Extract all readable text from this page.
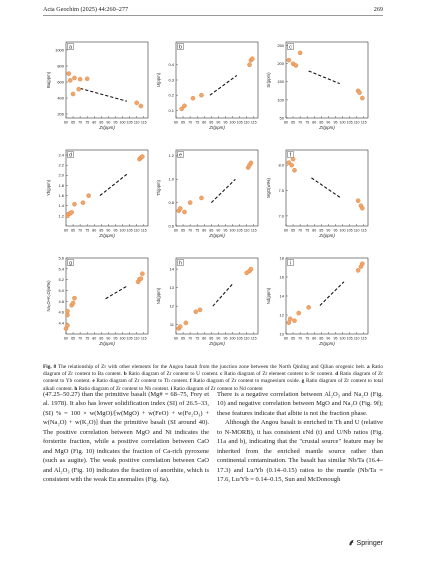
Acta Geochim (2025) 44:260–277	269
a
60 65 70 75 80 85 90 95 100 105 110 115
Zr(ppm)
200
400
600
800
1000
Ba(ppm)
b
60 65 70 75 80 85 90 95 100 105 110 115
Zr(ppm)
0.1
0.2
0.3
0.4
U(ppm)
c
60 65 70 75 80 85 90 95 100 105 110 115
Zr(ppm)
50
100
150
200
250
Sr(ppm)
d
60 65 70 75 80 85 90 95 100 105 110 115
Zr(ppm)
1.2
1.4
1.6
1.8
2.0
2.2
2.4
Yb(ppm)
e
60 65 70 75 80 85 90 95 100 105 110 115
Zr(ppm)
0.6
0.8
1.0
1.2
Th(ppm)
f
60 65 70 75 80 85 90 95 100 105 110 115
Zr(ppm)
7.0
7.5
8.0
MgO(wt%)
g
60 65 70 75 80 85 90 95 100 105 110 115
Zr(ppm)
4.4
4.6
4.8
5.0
5.2
5.4
5.6
Na₂O+K₂O(wt%)
h
60 65 70 75 80 85 90 95 100 105 110 115
Zr(ppm)
11
12
13
14
Nb(ppm)
i
60 65 70 75 80 85 90 95 100 105 110 115
Zr(ppm)
10
12
14
16
18
Nd(ppm)
Fig. 8 The relationship of Zr with other elements for the Angou basalt from the junction zone between the North Qinling and Qilian orogenic belt. a Ratio diagram of Zr content to Ba content. b Ratio diagram of Zr content to U content. c Ratio diagram of Zr element content to Sr content. d Ratio diagram of Zr content to Yb content. e Ratio diagram of Zr content to Th content. f Ratio diagram of Zr content to magnesium oxide. g Ratio diagram of Zr content to total alkali content. h Ratio diagram of Zr content to Nb content. i Ratio diagram of Zr content to Nd content

(47.25–50.27) than the primitive basalt (Mg# = 68–75, Frey et al. 1978). It also has lower solidification index (SI) of 26.5–33, (SI) % = 100 × w(MgO)/[w(MgO) + w(FeO) + w(Fe₂O₃) + w(Na₂O) + w(K₂O)] than the primitive basalt (SI around 40). The positive correlation between MgO and Ni indicates the forsterite fraction, while a positive correlation between CaO and MgO (Fig. 10) indicates the fraction of Ca-rich pyroxene (such as augite). The weak positive correlation between CaO and Al₂O₃ (Fig. 10) indicates the fraction of anorthite, which is consistent with the weak Eu anomalies (Fig. 6a).

There is a negative correlation between Al₂O₃ and Na₂O (Fig. 10) and negative correlation between MgO and Na₂O (Fig. 9f); these features indicate that albite is not the fraction phase.

Although the Angou basalt is enriched in Th and U (relative to N-MORB), it has consistent εNd (t) and U/Nb ratios (Fig. 11a and b), indicating that the "crustal source" feature may be inherited from the enriched mantle source rather than continental contamination. The basalt has similar Nb/Ta (16.4–17.3) and Lu/Yb (0.14–0.15) ratios to the mantle (Nb/Ta = 17.6, Lu/Yb = 0.14–0.15, Sun and McDonough

Springer
